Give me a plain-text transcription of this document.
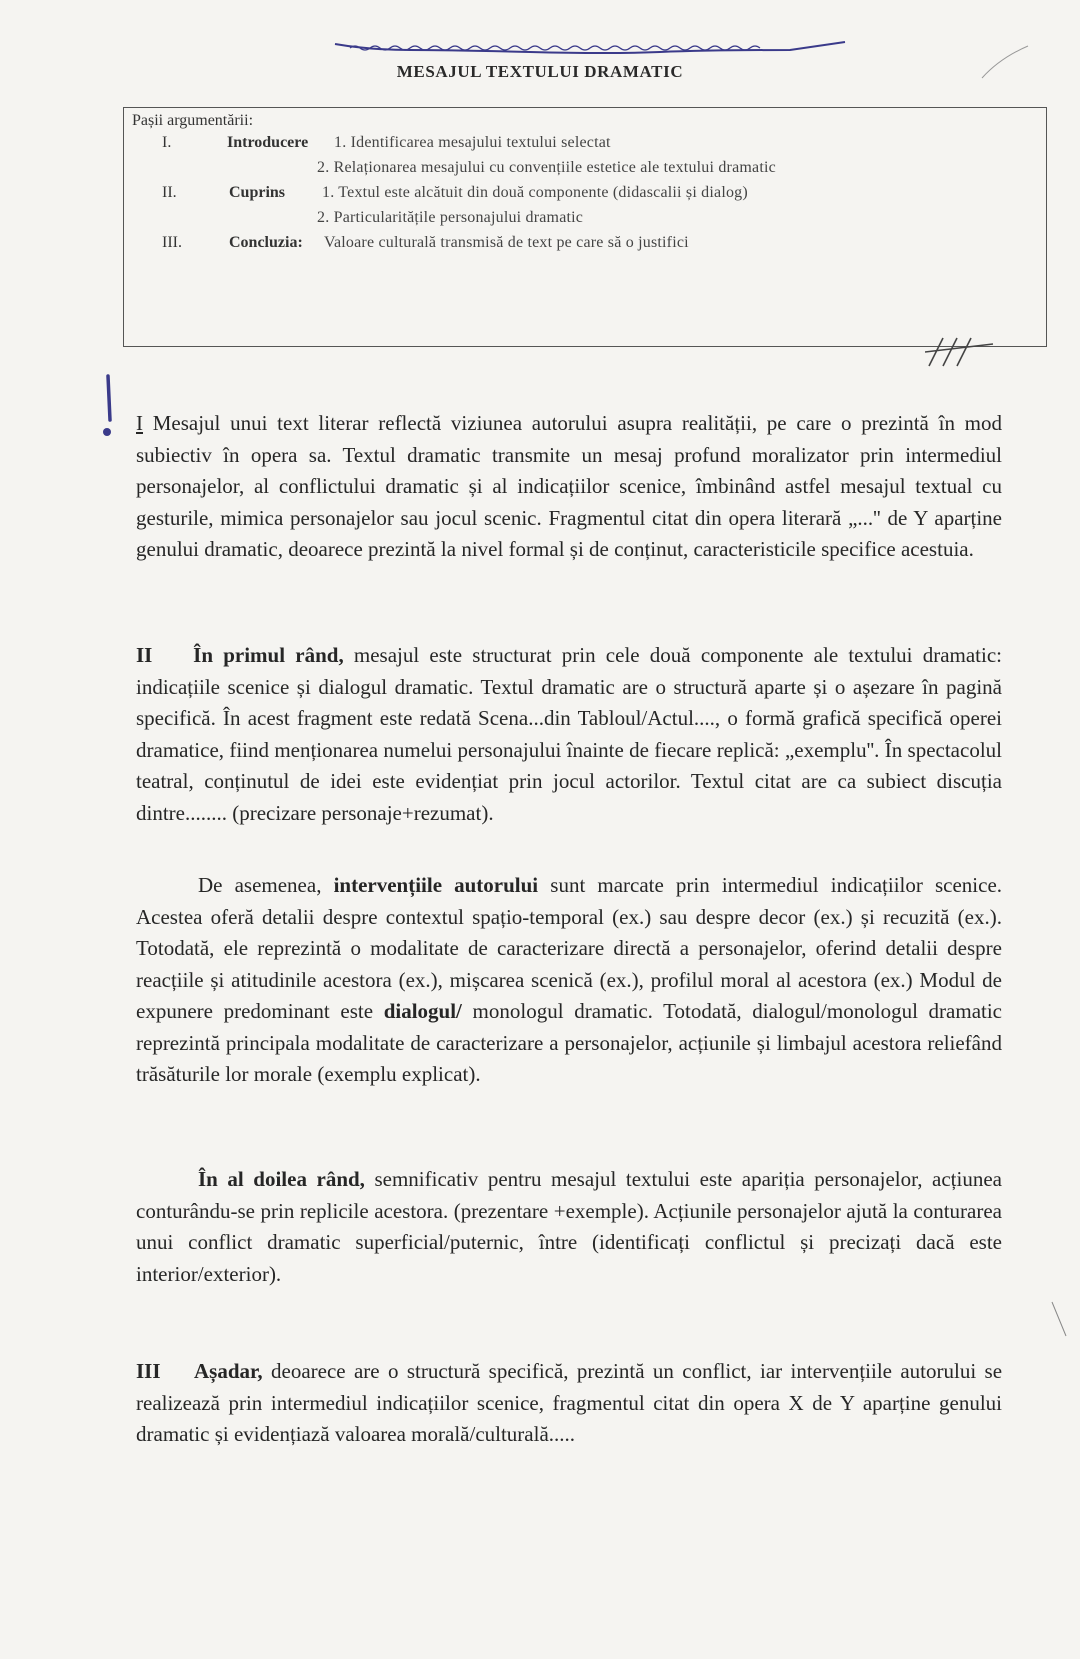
MESAJUL TEXTULUI DRAMATIC
Pașii argumentării:
I.	Introducere 1. Identificarea mesajului textului selectat
2. Relaționarea mesajului cu convențiile estetice ale textului dramatic
II.	Cuprins 1. Textul este alcătuit din două componente (didascalii și dialog)
2. Particularitățile personajului dramatic
III.	Concluzia: Valoare culturală transmisă de text pe care să o justifici

I Mesajul unui text literar reflectă viziunea autorului asupra realității, pe care o prezintă în mod subiectiv în opera sa. Textul dramatic transmite un mesaj profund moralizator prin intermediul personajelor, al conflictului dramatic și al indicațiilor scenice, îmbinând astfel mesajul textual cu gesturile, mimica personajelor sau jocul scenic. Fragmentul citat din opera literară „...'' de Y aparține genului dramatic, deoarece prezintă la nivel formal și de conținut, caracteristicile specifice acestuia.

II În primul rând, mesajul este structurat prin cele două componente ale textului dramatic: indicațiile scenice și dialogul dramatic. Textul dramatic are o structură aparte și o așezare în pagină specifică. În acest fragment este redată Scena...din Tabloul/Actul...., o formă grafică specifică operei dramatice, fiind menționarea numelui personajului înainte de fiecare replică: „exemplu''. În spectacolul teatral, conținutul de idei este evidențiat prin jocul actorilor. Textul citat are ca subiect discuția dintre........ (precizare personaje+rezumat).

De asemenea, intervențiile autorului sunt marcate prin intermediul indicațiilor scenice. Acestea oferă detalii despre contextul spațio-temporal (ex.) sau despre decor (ex.) și recuzită (ex.). Totodată, ele reprezintă o modalitate de caracterizare directă a personajelor, oferind detalii despre reacțiile și atitudinile acestora (ex.), mișcarea scenică (ex.), profilul moral al acestora (ex.) Modul de expunere predominant este dialogul/ monologul dramatic. Totodată, dialogul/monologul dramatic reprezintă principala modalitate de caracterizare a personajelor, acțiunile și limbajul acestora reliefând trăsăturile lor morale (exemplu explicat).

În al doilea rând, semnificativ pentru mesajul textului este apariția personajelor, acțiunea conturându-se prin replicile acestora. (prezentare +exemple). Acțiunile personajelor ajută la conturarea unui conflict dramatic superficial/puternic, între (identificați conflictul și precizați dacă este interior/exterior).

III Așadar, deoarece are o structură specifică, prezintă un conflict, iar intervențiile autorului se realizează prin intermediul indicațiilor scenice, fragmentul citat din opera X de Y aparține genului dramatic și evidențiază valoarea morală/culturală.....
